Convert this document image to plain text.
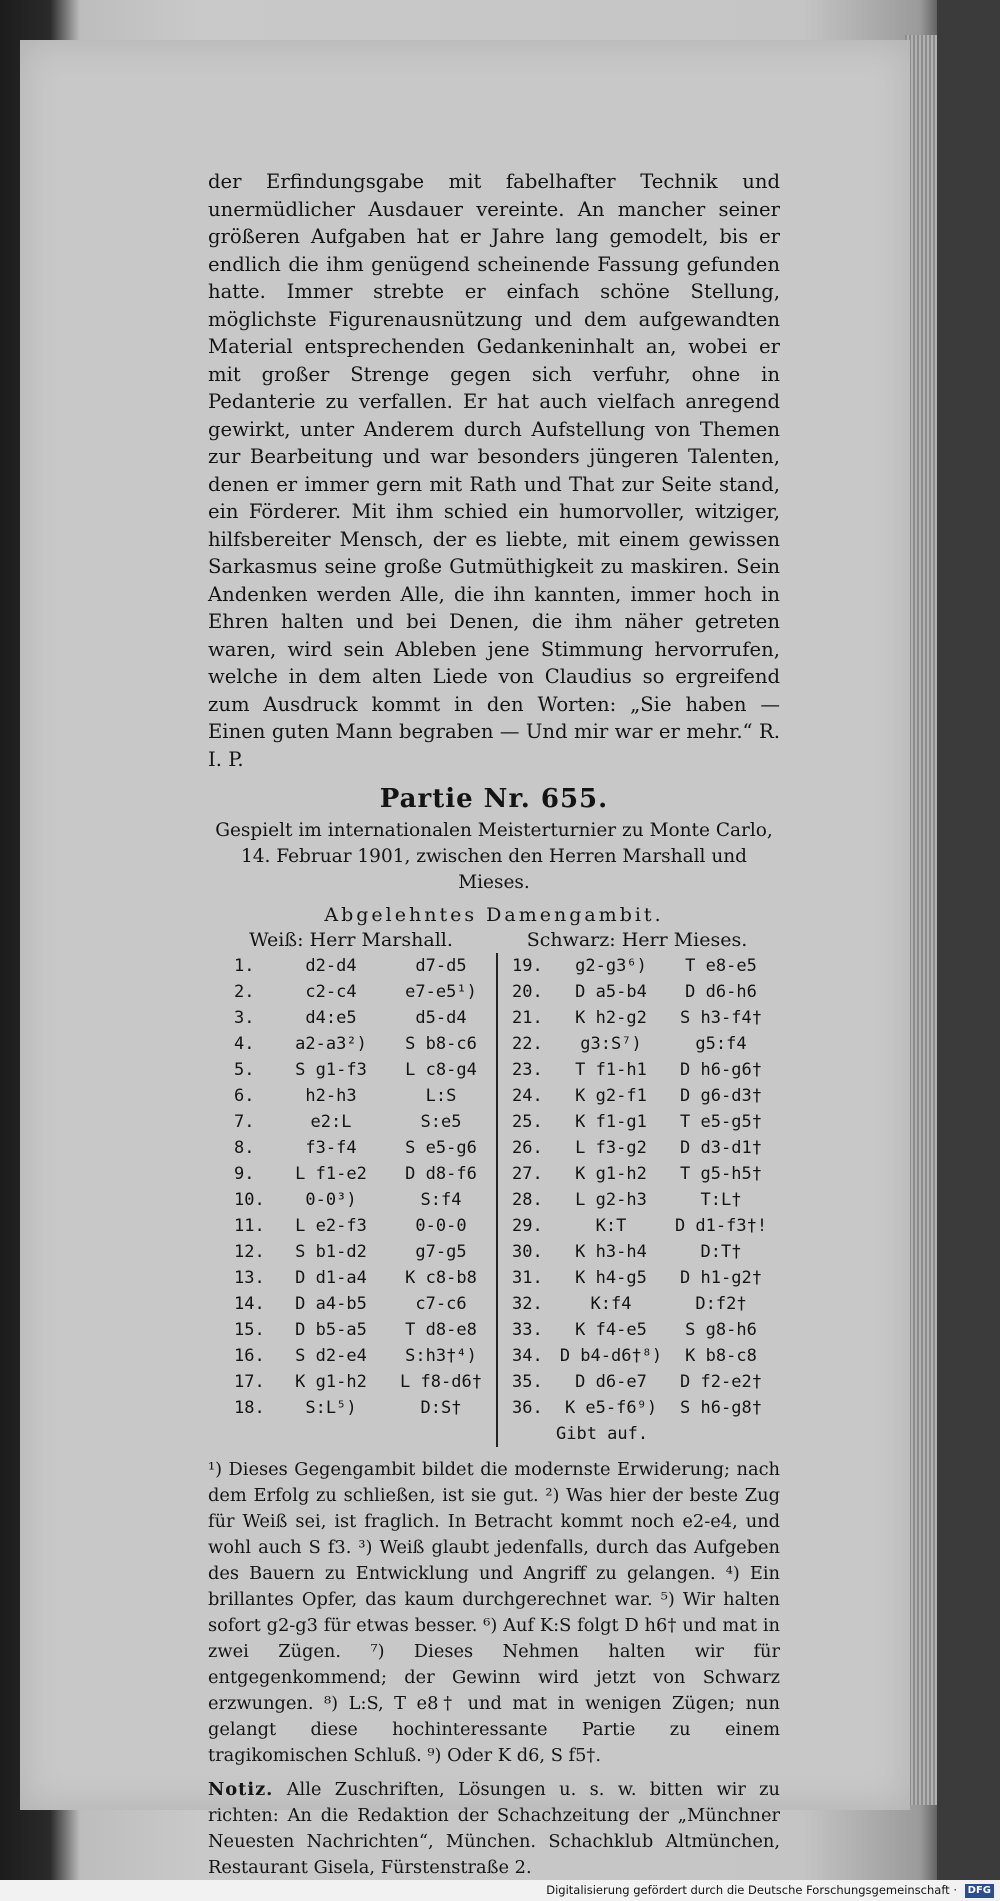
der Erfindungsgabe mit fabelhafter Technik und unermüdlicher Ausdauer vereinte. An mancher seiner größeren Aufgaben hat er Jahre lang gemodelt, bis er endlich die ihm genügend scheinende Fassung gefunden hatte. Immer strebte er einfach schöne Stellung, möglichste Figurenausnützung und dem aufgewandten Material entsprechenden Gedankeninhalt an, wobei er mit großer Strenge gegen sich verfuhr, ohne in Pedanterie zu verfallen. Er hat auch vielfach anregend gewirkt, unter Anderem durch Aufstellung von Themen zur Bearbeitung und war besonders jüngeren Talenten, denen er immer gern mit Rath und That zur Seite stand, ein Förderer. Mit ihm schied ein humorvoller, witziger, hilfsbereiter Mensch, der es liebte, mit einem gewissen Sarkasmus seine große Gutmüthigkeit zu maskiren. Sein Andenken werden Alle, die ihn kannten, immer hoch in Ehren halten und bei Denen, die ihm näher getreten waren, wird sein Ableben jene Stimmung hervorrufen, welche in dem alten Liede von Claudius so ergreifend zum Ausdruck kommt in den Worten: „Sie haben — Einen guten Mann begraben — Und mir war er mehr.“ R. I. P.

Partie Nr. 655.

Gespielt im internationalen Meisterturnier zu Monte Carlo, 14. Februar 1901, zwischen den Herren Marshall und Mieses.

Abgelehntes Damengambit.
Weiß: Herr Marshall.	Schwarz: Herr Mieses.
1.	d2-d4	d7-d5
2.	c2-c4	e7-e5¹)
3.	d4:e5	d5-d4
4.	a2-a3²)	S b8-c6
5.	S g1-f3	L c8-g4
6.	h2-h3	L:S
7.	e2:L	S:e5
8.	f3-f4	S e5-g6
9.	L f1-e2	D d8-f6
10.	0-0³)	S:f4
11.	L e2-f3	0-0-0
12.	S b1-d2	g7-g5
13.	D d1-a4	K c8-b8
14.	D a4-b5	c7-c6
15.	D b5-a5	T d8-e8
16.	S d2-e4	S:h3†⁴)
17.	K g1-h2	L f8-d6†
18.	S:L⁵)	D:S†
19.	g2-g3⁶)	T e8-e5
20.	D a5-b4	D d6-h6
21.	K h2-g2	S h3-f4†
22.	g3:S⁷)	g5:f4
23.	T f1-h1	D h6-g6†
24.	K g2-f1	D g6-d3†
25.	K f1-g1	T e5-g5†
26.	L f3-g2	D d3-d1†
27.	K g1-h2	T g5-h5†
28.	L g2-h3	T:L†
29.	K:T	D d1-f3†!
30.	K h3-h4	D:T†
31.	K h4-g5	D h1-g2†
32.	K:f4	D:f2†
33.	K f4-e5	S g8-h6
34.	D b4-d6†⁸)	K b8-c8
35.	D d6-e7	D f2-e2†
36.	K e5-f6⁹)	S h6-g8†
Gibt auf.

¹) Dieses Gegengambit bildet die modernste Erwiderung; nach dem Erfolg zu schließen, ist sie gut. ²) Was hier der beste Zug für Weiß sei, ist fraglich. In Betracht kommt noch e2-e4, und wohl auch S f3. ³) Weiß glaubt jedenfalls, durch das Aufgeben des Bauern zu Entwicklung und Angriff zu gelangen. ⁴) Ein brillantes Opfer, das kaum durchgerechnet war. ⁵) Wir halten sofort g2-g3 für etwas besser. ⁶) Auf K:S folgt D h6† und mat in zwei Zügen. ⁷) Dieses Nehmen halten wir für entgegenkommend; der Gewinn wird jetzt von Schwarz erzwungen. ⁸) L:S, T e8† und mat in wenigen Zügen; nun gelangt diese hochinteressante Partie zu einem tragikomischen Schluß. ⁹) Oder K d6, S f5†.

Notiz. Alle Zuschriften, Lösungen u. s. w. bitten wir zu richten: An die Redaktion der Schachzeitung der „Münchner Neuesten Nachrichten“, München. Schachklub Altmünchen, Restaurant Gisela, Fürstenstraße 2.

Digitalisierung gefördert durch die Deutsche Forschungsgemeinschaft · DFG
